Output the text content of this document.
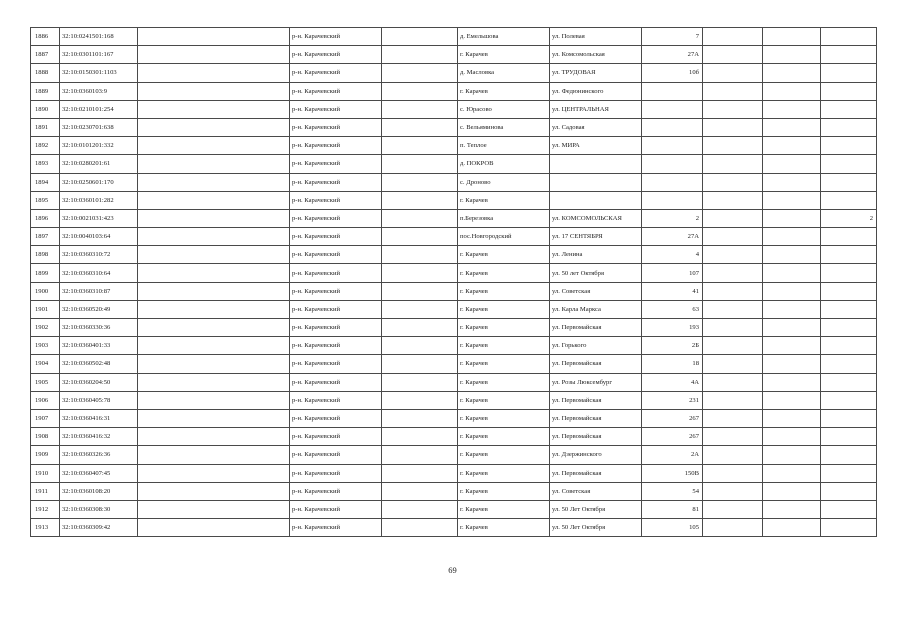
1886	32:10:0241501:168		р-н. Карачевский		д. Емельшова	ул. Полевая	7			
1887	32:10:0301101:167		р-н. Карачевский		г. Карачев	ул. Комсомольская	27А			
1888	32:10:0150301:1103		р-н. Карачевский		д. Масловка	ул. ТРУДОВАЯ	10б			
1889	32:10:0360103:9		р-н. Карачевский		г. Карачев	ул. Федюнинского				
1890	32:10:0210101:254		р-н. Карачевский		с. Юрасово	ул. ЦЕНТРАЛЬНАЯ				
1891	32:10:0230701:638		р-н. Карачевский		с. Вельяминова	ул. Садовая				
1892	32:10:0101201:332		р-н. Карачевский		п. Теплое	ул. МИРА				
1893	32:10:0280201:61		р-н. Карачевский		д. ПОКРОВ					
1894	32:10:0250601:170		р-н. Карачевский		с. Дроново					
1895	32:10:0360101:282		р-н. Карачевский		г. Карачев					
1896	32:10:0021031:423		р-н. Карачевский		п.Березовка	ул. КОМСОМОЛЬСКАЯ	2			2
1897	32:10:0040103:64		р-н. Карачевский		пос.Новгородский	ул. 17 СЕНТЯБРЯ	27А			
1898	32:10:0360310:72		р-н. Карачевский		г. Карачев	ул. Ленина	4			
1899	32:10:0360310:64		р-н. Карачевский		г. Карачев	ул. 50 лет Октября	107			
1900	32:10:0360310:87		р-н. Карачевский		г. Карачев	ул. Советская	41			
1901	32:10:0360520:49		р-н. Карачевский		г. Карачев	ул. Карла Маркса	63			
1902	32:10:0360330:36		р-н. Карачевский		г. Карачев	ул. Первомайская	193			
1903	32:10:0360401:33		р-н. Карачевский		г. Карачев	ул. Горького	2Б			
1904	32:10:0360502:48		р-н. Карачевский		г. Карачев	ул. Первомайская	18			
1905	32:10:0360204:50		р-н. Карачевский		г. Карачев	ул. Розы Люксембург	4А			
1906	32:10:0360405:78		р-н. Карачевский		г. Карачев	ул. Первомайская	231			
1907	32:10:0360416:31		р-н. Карачевский		г. Карачев	ул. Первомайская	267			
1908	32:10:0360416:32		р-н. Карачевский		г. Карачев	ул. Первомайская	267			
1909	32:10:0360326:36		р-н. Карачевский		г. Карачев	ул. Дзержинского	2А			
1910	32:10:0360407:45		р-н. Карачевский		г. Карачев	ул. Первомайская	150В			
1911	32:10:0360108:20		р-н. Карачевский		г. Карачев	ул. Советская	54			
1912	32:10:0360308:30		р-н. Карачевский		г. Карачев	ул. 50 Лет Октября	81			
1913	32:10:0360309:42		р-н. Карачевский		г. Карачев	ул. 50 Лет Октября	105			
69
